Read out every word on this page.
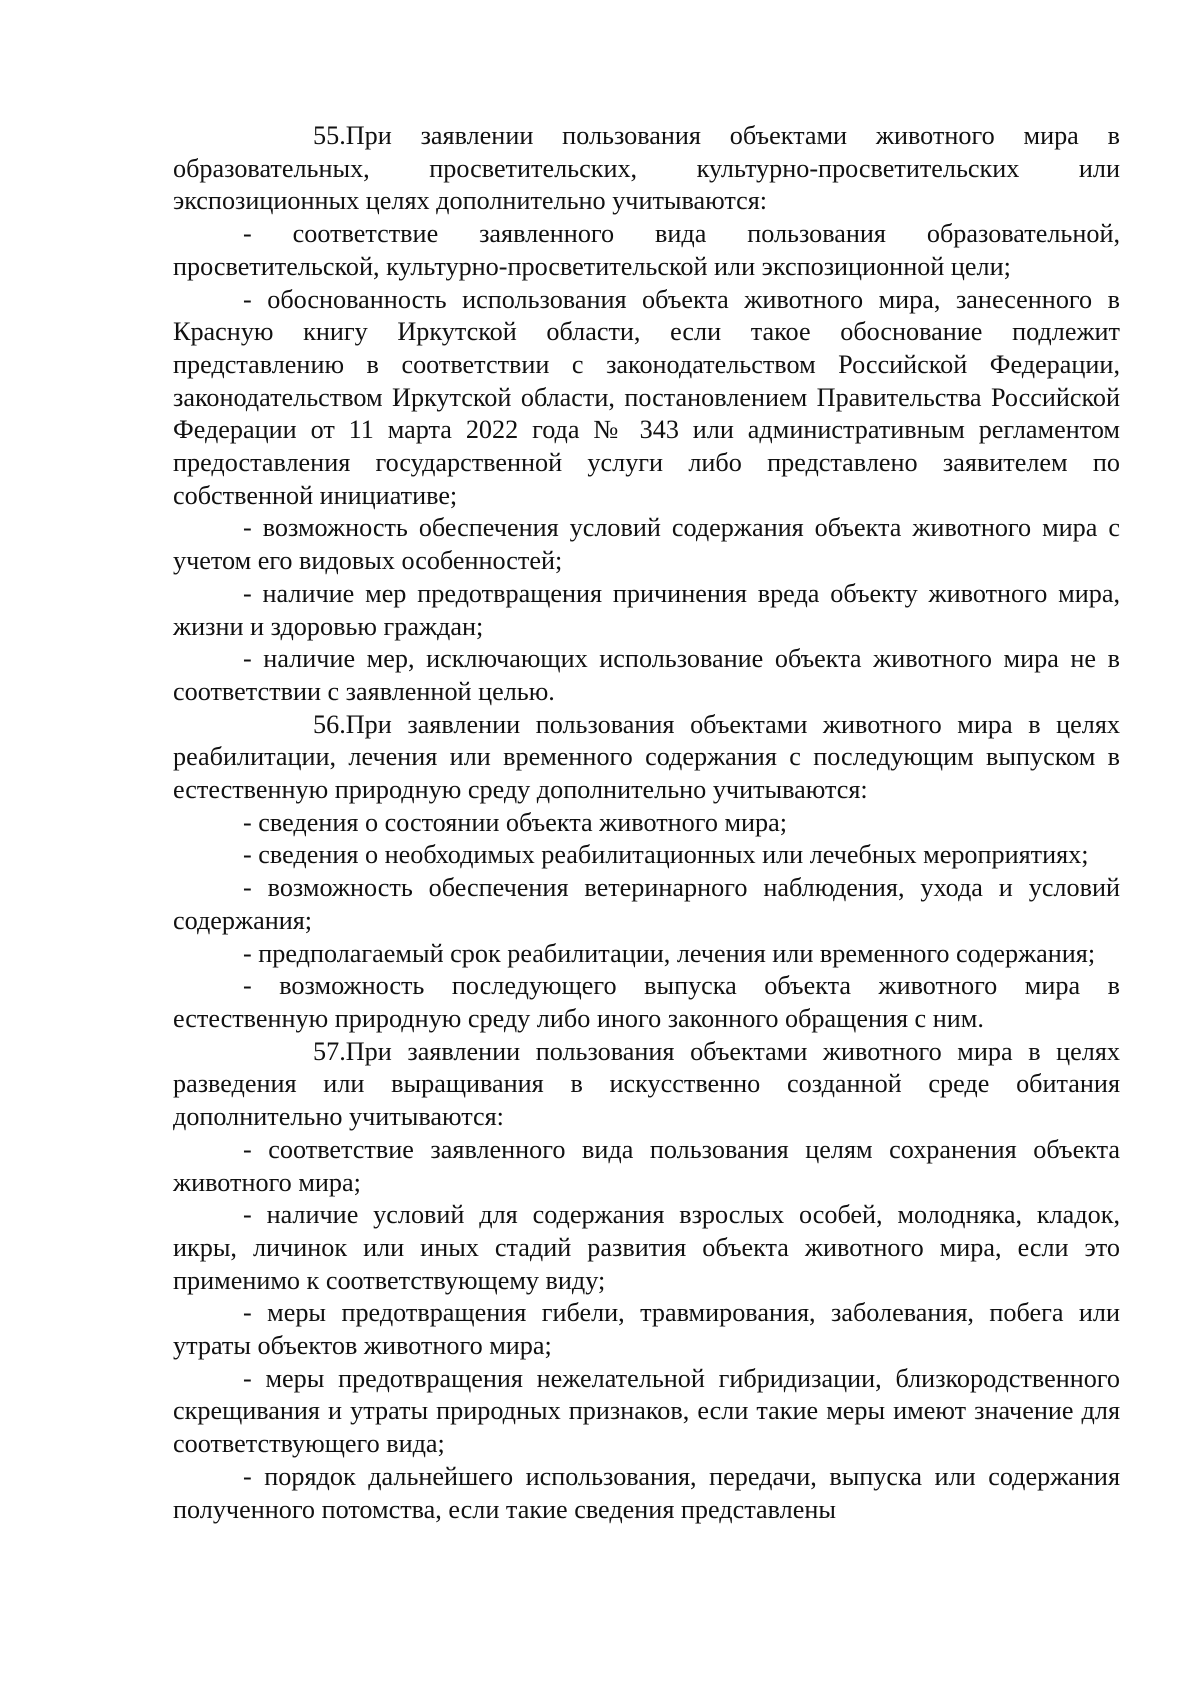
55.При заявлении пользования объектами животного мира в образовательных, просветительских, культурно-просветительских или экспозиционных целях дополнительно учитываются:

- соответствие заявленного вида пользования образовательной, просветительской, культурно-просветительской или экспозиционной цели;

- обоснованность использования объекта животного мира, занесенного в Красную книгу Иркутской области, если такое обоснование подлежит представлению в соответствии с законодательством Российской Федерации, законодательством Иркутской области, постановлением Правительства Российской Федерации от 11 марта 2022 года № 343 или административным регламентом предоставления государственной услуги либо представлено заявителем по собственной инициативе;

- возможность обеспечения условий содержания объекта животного мира с учетом его видовых особенностей;

- наличие мер предотвращения причинения вреда объекту животного мира, жизни и здоровью граждан;

- наличие мер, исключающих использование объекта животного мира не в соответствии с заявленной целью.

56.При заявлении пользования объектами животного мира в целях реабилитации, лечения или временного содержания с последующим выпуском в естественную природную среду дополнительно учитываются:

- сведения о состоянии объекта животного мира;

- сведения о необходимых реабилитационных или лечебных мероприятиях;

- возможность обеспечения ветеринарного наблюдения, ухода и условий содержания;

- предполагаемый срок реабилитации, лечения или временного содержания;

- возможность последующего выпуска объекта животного мира в естественную природную среду либо иного законного обращения с ним.

57.При заявлении пользования объектами животного мира в целях разведения или выращивания в искусственно созданной среде обитания дополнительно учитываются:

- соответствие заявленного вида пользования целям сохранения объекта животного мира;

- наличие условий для содержания взрослых особей, молодняка, кладок, икры, личинок или иных стадий развития объекта животного мира, если это применимо к соответствующему виду;

- меры предотвращения гибели, травмирования, заболевания, побега или утраты объектов животного мира;

- меры предотвращения нежелательной гибридизации, близкородственного скрещивания и утраты природных признаков, если такие меры имеют значение для соответствующего вида;

- порядок дальнейшего использования, передачи, выпуска или содержания полученного потомства, если такие сведения представлены
